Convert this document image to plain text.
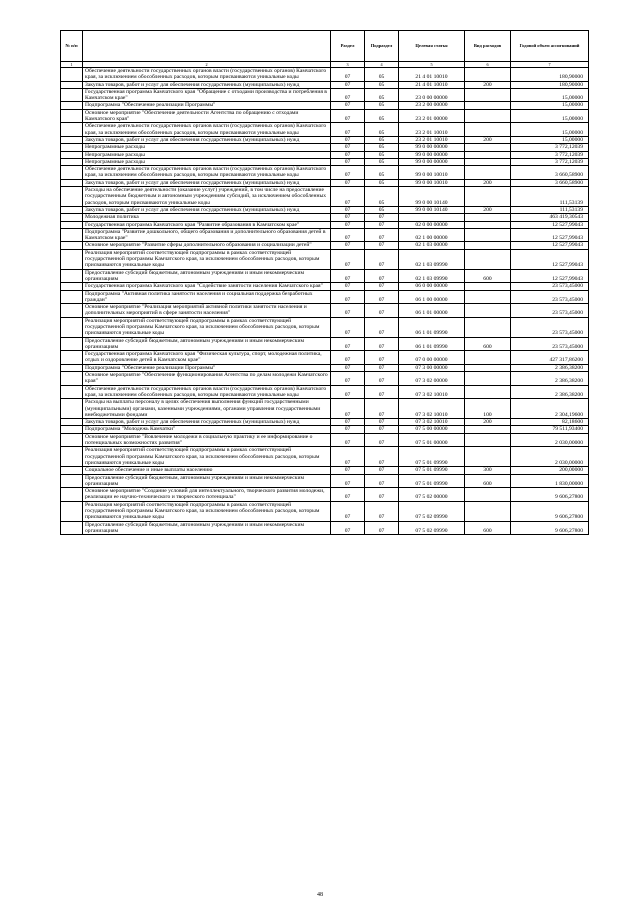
№ п/п		Раздел	Подраздел	Целевая статья	Вид расходов	Годовой объем ассигнований
1	2	3	4	5	6	7
	Обеспечение деятельности государственных органов власти (государственных органов) Камчатского края, за исключением обособленных расходов, которым присваиваются уникальные коды	07	05	21 4 01 10010		180,90000
	Закупка товаров, работ и услуг для обеспечения государственных (муниципальных) нужд	07	05	21 4 01 10010	200	180,90000
	Государственная программа Камчатского края "Обращение с отходами производства и потребления в Камчатском крае"	07	05	23 0 00 00000		15,00000
	Подпрограмма "Обеспечение реализации Программы"	07	05	23 2 00 00000		15,00000
	Основное мероприятие "Обеспечение деятельности Агентства по обращению с отходами Камчатского края"	07	05	23 2 01 00000		15,00000
	Обеспечение деятельности государственных органов власти (государственных органов) Камчатского края, за исключением обособленных расходов, которым присваиваются уникальные коды	07	05	23 2 01 10010		15,00000
	Закупка товаров, работ и услуг для обеспечения государственных (муниципальных) нужд	07	05	23 2 01 10010	200	15,00000
	Непрограммные расходы	07	05	99 0 00 00000		3 772,12039
	Непрограммные расходы	07	05	99 0 00 00000		3 772,12039
	Непрограммные расходы	07	05	99 0 00 00000		3 772,12039
	Обеспечение деятельности государственных органов власти (государственных органов) Камчатского края, за исключением обособленных расходов, которым присваиваются уникальные коды	07	05	99 0 00 10010		3 660,58900
	Закупка товаров, работ и услуг для обеспечения государственных (муниципальных) нужд	07	05	99 0 00 10010	200	3 660,58900
	Расходы на обеспечение деятельности (оказание услуг) учреждений, в том числе на предоставление государственным бюджетным и автономным учреждениям субсидий, за исключением обособленных расходов, которым присваиваются уникальные коды	07	05	99 0 00 10140		111,53139
	Закупка товаров, работ и услуг для обеспечения государственных (муниципальных) нужд	07	05	99 0 00 10140	200	111,53139
	Молодежная политика	07	07			463 419,30543
	Государственная программа Камчатского края "Развитие образования в Камчатском крае"	07	07	02 0 00 00000		12 527,99043
	Подпрограмма "Развитие дошкольного, общего образования и дополнительного образования детей в Камчатском крае"	07	07	02 1 00 00000		12 527,99043
	Основное мероприятие "Развитие сферы дополнительного образования и социализации детей"	07	07	02 1 03 00000		12 527,99043
	Реализация мероприятий соответствующей подпрограммы в рамках соответствующей государственной программы Камчатского края, за исключением обособленных расходов, которым присваиваются уникальные коды	07	07	02 1 03 09990		12 527,99043
	Предоставление субсидий бюджетным, автономным учреждениям и иным некоммерческим организациям	07	07	02 1 03 09990	600	12 527,99043
	Государственная программа Камчатского края "Содействие занятости населения Камчатского края"	07	07	06 0 00 00000		23 573,45000
	Подпрограмма "Активная политика занятости населения и социальная поддержка безработных граждан"	07	07	06 1 00 00000		23 573,45000
	Основное мероприятие "Реализация мероприятий активной политики занятости населения и дополнительных мероприятий в сфере занятости населения"	07	07	06 1 01 00000		23 573,45000
	Реализация мероприятий соответствующей подпрограммы в рамках соответствующей государственной программы Камчатского края, за исключением обособленных расходов, которым присваиваются уникальные коды	07	07	06 1 01 09990		23 573,45000
	Предоставление субсидий бюджетным, автономным учреждениям и иным некоммерческим организациям	07	07	06 1 01 09990	600	23 573,45000
	Государственная программа Камчатского края "Физическая культура, спорт, молодежная политика, отдых и оздоровление детей в Камчатском крае"	07	07	07 0 00 00000		427 317,86200
	Подпрограмма "Обеспечение реализации Программы"	07	07	07 3 00 00000		2 386,38200
	Основное мероприятие "Обеспечение функционирования Агентства по делам молодежи Камчатского края"	07	07	07 3 02 00000		2 386,38200
	Обеспечение деятельности государственных органов власти (государственных органов) Камчатского края, за исключением обособленных расходов, которым присваиваются уникальные коды	07	07	07 3 02 10010		2 386,38200
	Расходы на выплаты персоналу в целях обеспечения выполнения функций государственными (муниципальными) органами, казенными учреждениями, органами управления государственными внебюджетными фондами	07	07	07 3 02 10010	100	2 304,19600
	Закупка товаров, работ и услуг для обеспечения государственных (муниципальных) нужд	07	07	07 3 02 10010	200	82,18600
	Подпрограмма "Молодежь Камчатки"	07	07	07 5 00 00000		79 511,93400
	Основное мероприятие "Вовлечение молодежи в социальную практику и ее информирование о потенциальных возможностях развития"	07	07	07 5 01 00000		2 030,00000
	Реализация мероприятий соответствующей подпрограммы в рамках соответствующей государственной программы Камчатского края, за исключением обособленных расходов, которым присваиваются уникальные коды	07	07	07 5 01 09990		2 030,00000
	Социальное обеспечение и иные выплаты населению	07	07	07 5 01 09990	300	200,00000
	Предоставление субсидий бюджетным, автономным учреждениям и иным некоммерческим организациям	07	07	07 5 01 09990	600	1 830,00000
	Основное мероприятие "Создание условий для интеллектуального, творческого развития молодежи, реализации ее научно-технического и творческого потенциала"	07	07	07 5 02 00000		9 606,27800
	Реализация мероприятий соответствующей подпрограммы в рамках соответствующей государственной программы Камчатского края, за исключением обособленных расходов, которым присваиваются уникальные коды	07	07	07 5 02 09990		9 606,27800
	Предоставление субсидий бюджетным, автономным учреждениям и иным некоммерческим организациям	07	07	07 5 02 09990	600	9 606,27800
48
